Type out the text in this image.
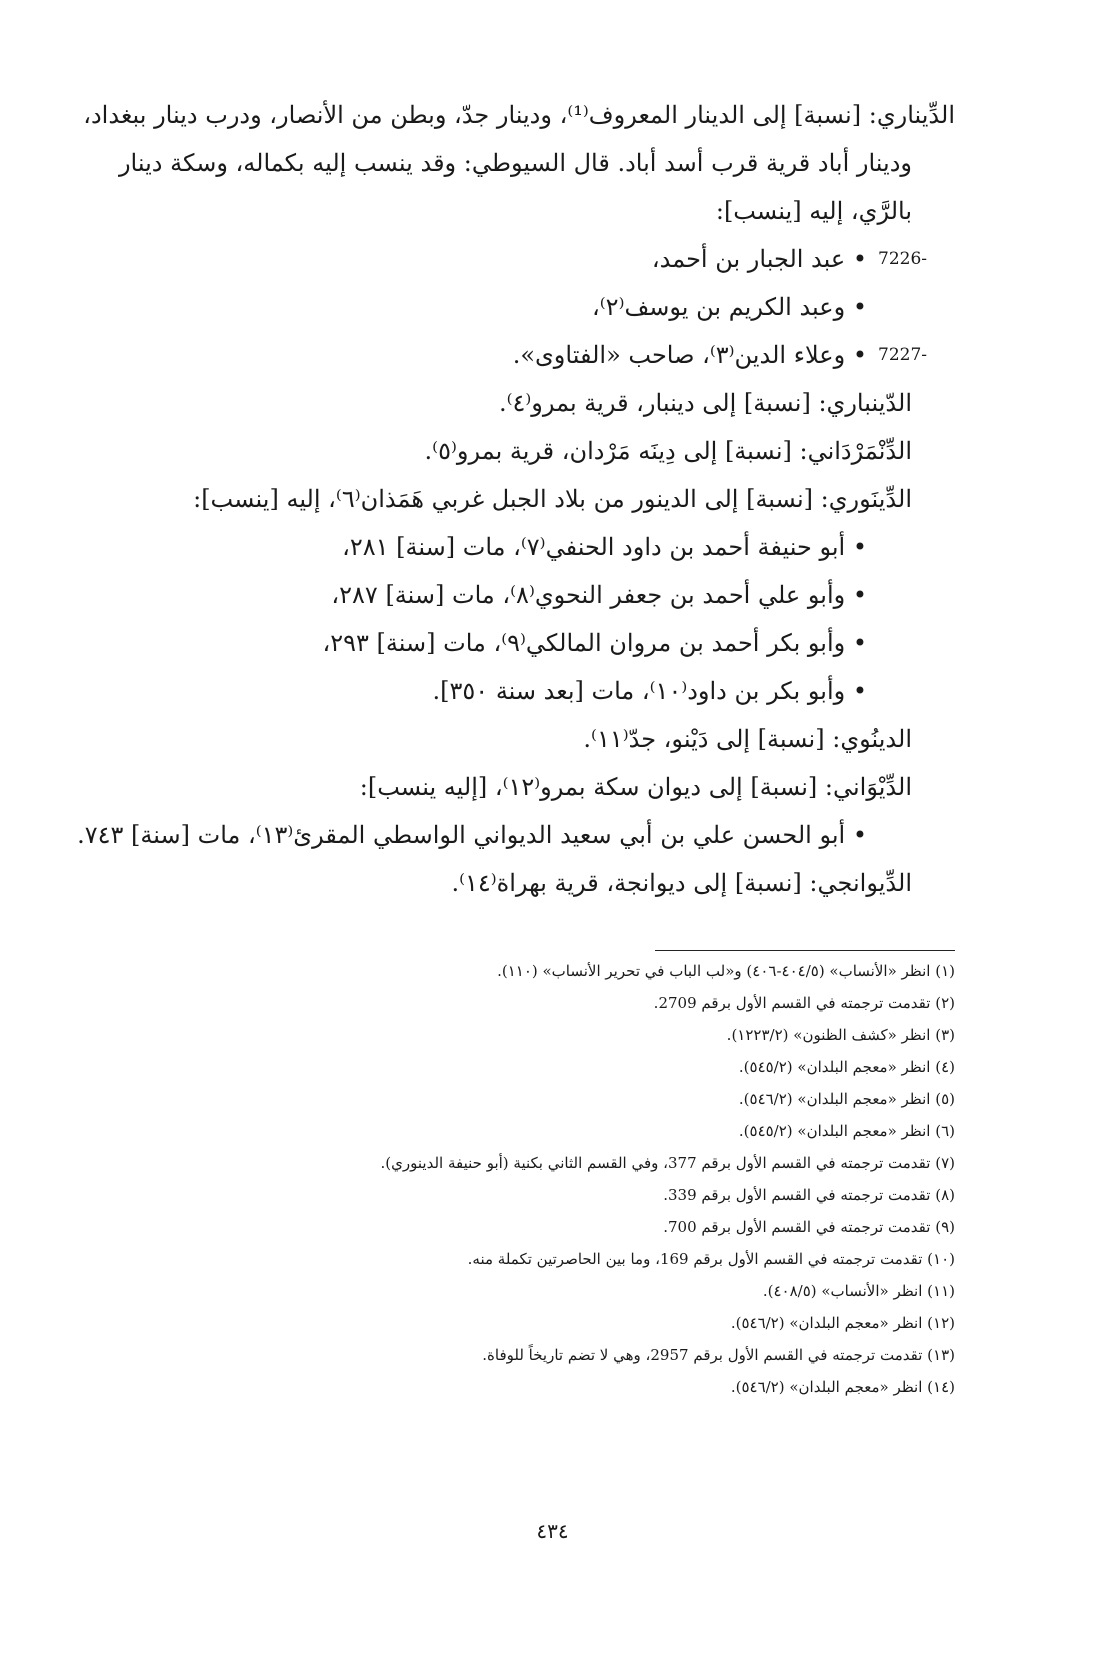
الدِّيناري: [نسبة] إلى الدينار المعروف⁽¹⁾، ودينار جدّ، وبطن من الأنصار، ودرب دينار ببغداد،
ودينار أباد قرية قرب أسد أباد. قال السيوطي: وقد ينسب إليه بكماله، وسكة دينار
بالرَّي، إليه [ينسب]:
• عبد الجبار بن أحمد، 7226-
• وعبد الكريم بن يوسف⁽٢⁾،
• وعلاء الدين⁽٣⁾، صاحب «الفتاوى». 7227-
الدّينباري: [نسبة] إلى دينبار، قرية بمرو⁽٤⁾.
الدِّنْمَرْدَاني: [نسبة] إلى دِينَه مَرْدان، قرية بمرو⁽٥⁾.
الدِّينَوري: [نسبة] إلى الدينور من بلاد الجبل غربي هَمَذان⁽٦⁾، إليه [ينسب]:
• أبو حنيفة أحمد بن داود الحنفي⁽٧⁾، مات [سنة] ٢٨١،
• وأبو علي أحمد بن جعفر النحوي⁽٨⁾، مات [سنة] ٢٨٧،
• وأبو بكر أحمد بن مروان المالكي⁽٩⁾، مات [سنة] ٢٩٣،
• وأبو بكر بن داود⁽١٠⁾، مات [بعد سنة ٣٥٠].
الدينُوي: [نسبة] إلى دَيْنو، جدّ⁽١١⁾.
الدِّيْوَاني: [نسبة] إلى ديوان سكة بمرو⁽١٢⁾، [إليه ينسب]:
• أبو الحسن علي بن أبي سعيد الديواني الواسطي المقرئ⁽١٣⁾، مات [سنة] ٧٤٣.
الدِّيوانجي: [نسبة] إلى ديوانجة، قرية بهراة⁽١٤⁾.
(١) انظر «الأنساب» (٤٠٤/٥-٤٠٦) و«لب الباب في تحرير الأنساب» (١١٠).
(٢) تقدمت ترجمته في القسم الأول برقم 2709.
(٣) انظر «كشف الظنون» (١٢٢٣/٢).
(٤) انظر «معجم البلدان» (٥٤٥/٢).
(٥) انظر «معجم البلدان» (٥٤٦/٢).
(٦) انظر «معجم البلدان» (٥٤٥/٢).
(٧) تقدمت ترجمته في القسم الأول برقم 377، وفي القسم الثاني بكنية (أبو حنيفة الدينوري).
(٨) تقدمت ترجمته في القسم الأول برقم 339.
(٩) تقدمت ترجمته في القسم الأول برقم 700.
(١٠) تقدمت ترجمته في القسم الأول برقم 169، وما بين الحاصرتين تكملة منه.
(١١) انظر «الأنساب» (٤٠٨/٥).
(١٢) انظر «معجم البلدان» (٥٤٦/٢).
(١٣) تقدمت ترجمته في القسم الأول برقم 2957، وهي لا تضم تاريخاً للوفاة.
(١٤) انظر «معجم البلدان» (٥٤٦/٢).
٤٣٤
